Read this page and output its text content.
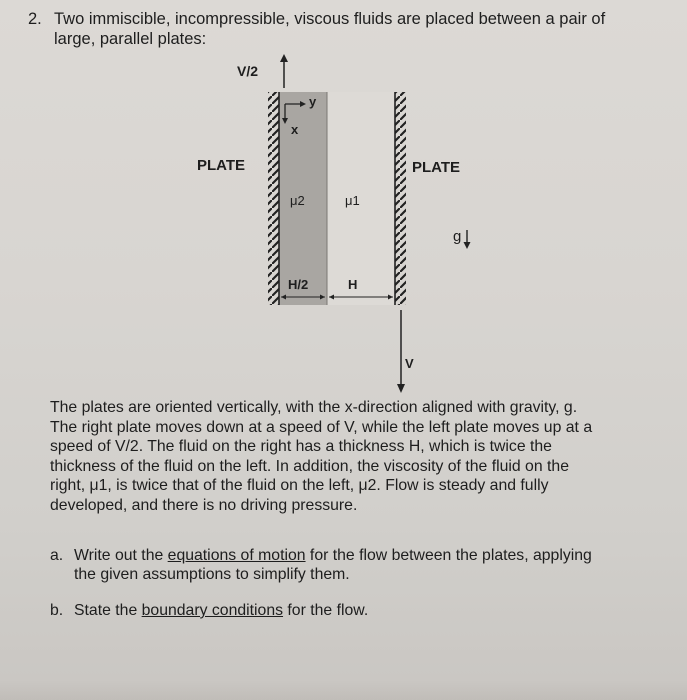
2. Two immiscible, incompressible, viscous fluids are placed between a pair of
large, parallel plates:
V/2
y
x
PLATE	PLATE
μ2	μ1
g
H/2	H
V
The plates are oriented vertically, with the x-direction aligned with gravity, g.
The right plate moves down at a speed of V, while the left plate moves up at a
speed of V/2. The fluid on the right has a thickness H, which is twice the
thickness of the fluid on the left. In addition, the viscosity of the fluid on the
right, μ1, is twice that of the fluid on the left, μ2. Flow is steady and fully
developed, and there is no driving pressure.
a. Write out the equations of motion for the flow between the plates, applying
the given assumptions to simplify them.
b. State the boundary conditions for the flow.
